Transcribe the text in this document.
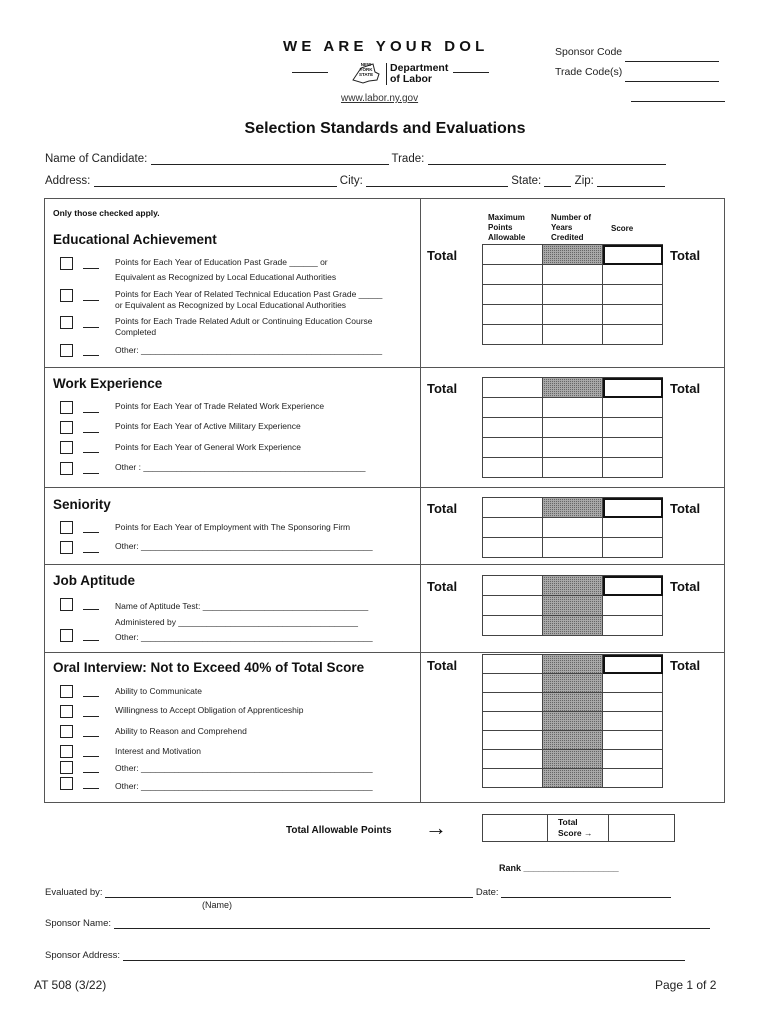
WE ARE YOUR DOL
NEW
YORK
STATE
Department
of Labor
www.labor.ny.gov
Sponsor Code
Trade Code(s)
Selection Standards and Evaluations
Name of Candidate:	Trade:
Address:	City:	State:	Zip:
Only those checked apply.	Maximum Points Allowable
Number of Years Credited
Score
Educational Achievement
Points for Each Year of Education Past Grade ______ or
Equivalent as Recognized by Local Educational Authorities
Points for Each Year of Related Technical Education Past Grade _____
or Equivalent as Recognized by Local Educational Authorities
Points for Each Trade Related Adult or Continuing Education Course
Completed
Other: ___________________________________________________
Total	Total

Work Experience
Points for Each Year of Trade Related Work Experience
Points for Each Year of Active Military Experience
Points for Each Year of General Work Experience
Other : _______________________________________________
Total	Total

Seniority
Points for Each Year of Employment with The Sponsoring Firm
Other: _________________________________________________
Total	Total

Job Aptitude
Name of Aptitude Test: ___________________________________
Administered by ______________________________________
Other: _________________________________________________
Total	Total

Oral Interview: Not to Exceed 40% of Total Score
Ability to Communicate
Willingness to Accept Obligation of Apprenticeship
Ability to Reason and Comprehend
Interest and Motivation
Other: _________________________________________________
Other: _________________________________________________
Total	Total

Total Allowable Points →
		Total Score →

Rank ___________________
Evaluated by:	Date:
(Name)
Sponsor Name:
Sponsor Address:
AT 508 (3/22)	Page 1 of 2
